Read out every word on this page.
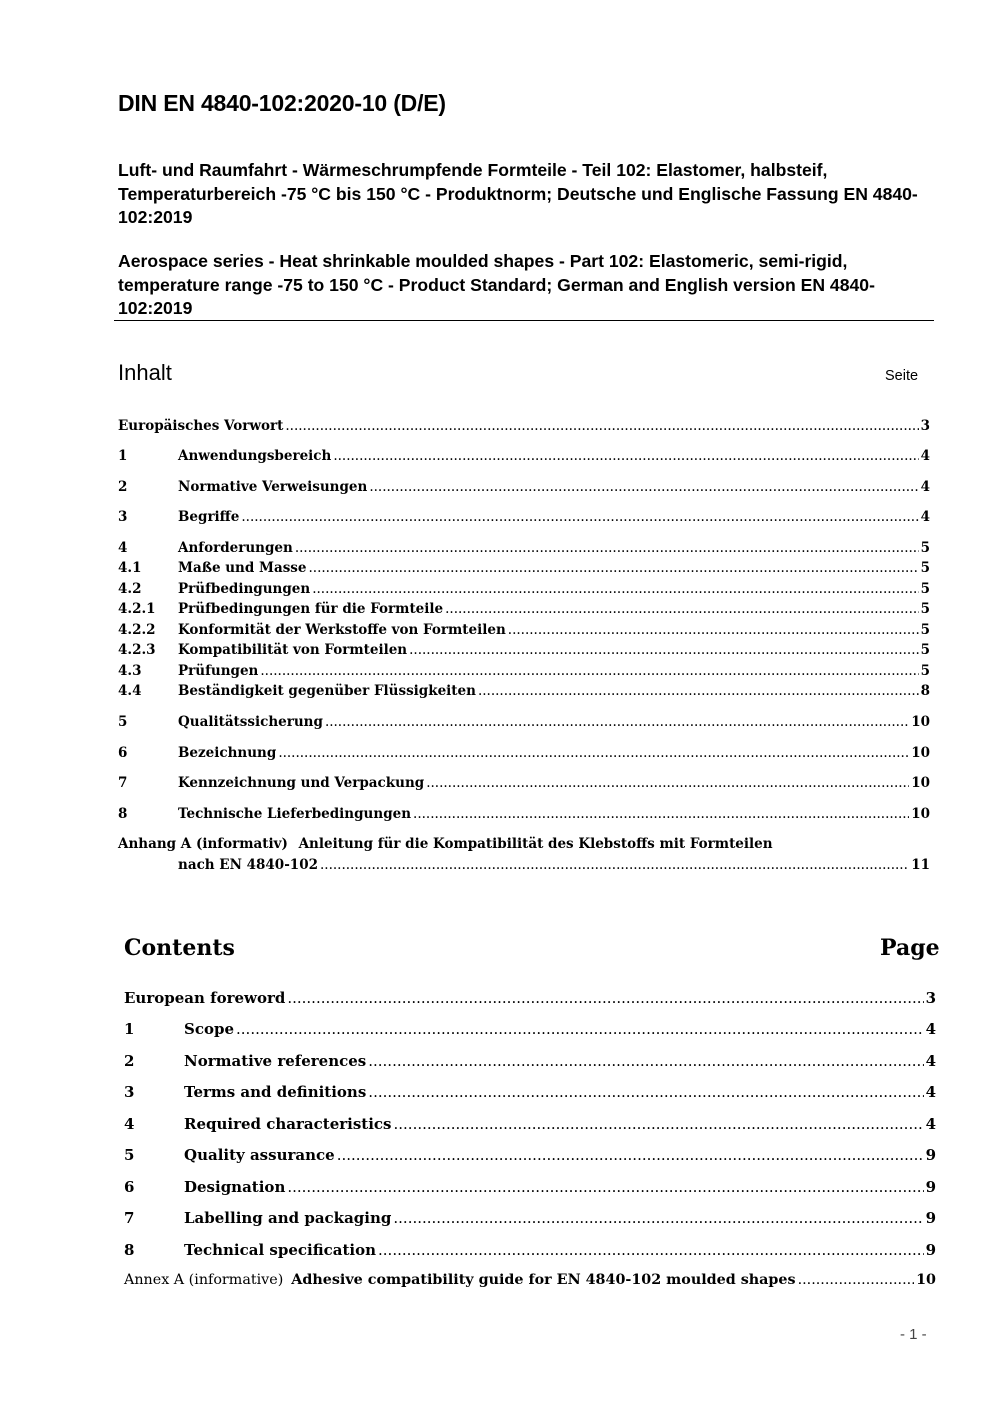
DIN EN 4840-102:2020-10 (D/E)
Luft- und Raumfahrt - Wärmeschrumpfende Formteile - Teil 102: Elastomer, halbsteif, Temperaturbereich -75 °C bis 150 °C - Produktnorm; Deutsche und Englische Fassung EN 4840-102:2019
Aerospace series - Heat shrinkable moulded shapes - Part 102: Elastomeric, semi-rigid, temperature range -75 to 150 °C - Product Standard; German and English version EN 4840-102:2019
Inhalt	Seite
Europäisches Vorwort .....	3
1	Anwendungsbereich .....	4
2	Normative Verweisungen .....	4
3	Begriffe .....	4
4	Anforderungen .....	5
4.1	Maße und Masse .....	5
4.2	Prüfbedingungen .....	5
4.2.1	Prüfbedingungen für die Formteile .....	5
4.2.2	Konformität der Werkstoffe von Formteilen .....	5
4.2.3	Kompatibilität von Formteilen .....	5
4.3	Prüfungen .....	5
4.4	Beständigkeit gegenüber Flüssigkeiten .....	8
5	Qualitätssicherung .....	10
6	Bezeichnung .....	10
7	Kennzeichnung und Verpackung .....	10
8	Technische Lieferbedingungen .....	10
Anhang A (informativ) Anleitung für die Kompatibilität des Klebstoffs mit Formteilen
nach EN 4840-102 .....	11
Contents	Page
European foreword .....	3
1	Scope .....	4
2	Normative references .....	4
3	Terms and definitions .....	4
4	Required characteristics .....	4
5	Quality assurance .....	9
6	Designation .....	9
7	Labelling and packaging .....	9
8	Technical specification .....	9
Annex A (informative) Adhesive compatibility guide for EN 4840-102 moulded shapes .....	10
- 1 -
